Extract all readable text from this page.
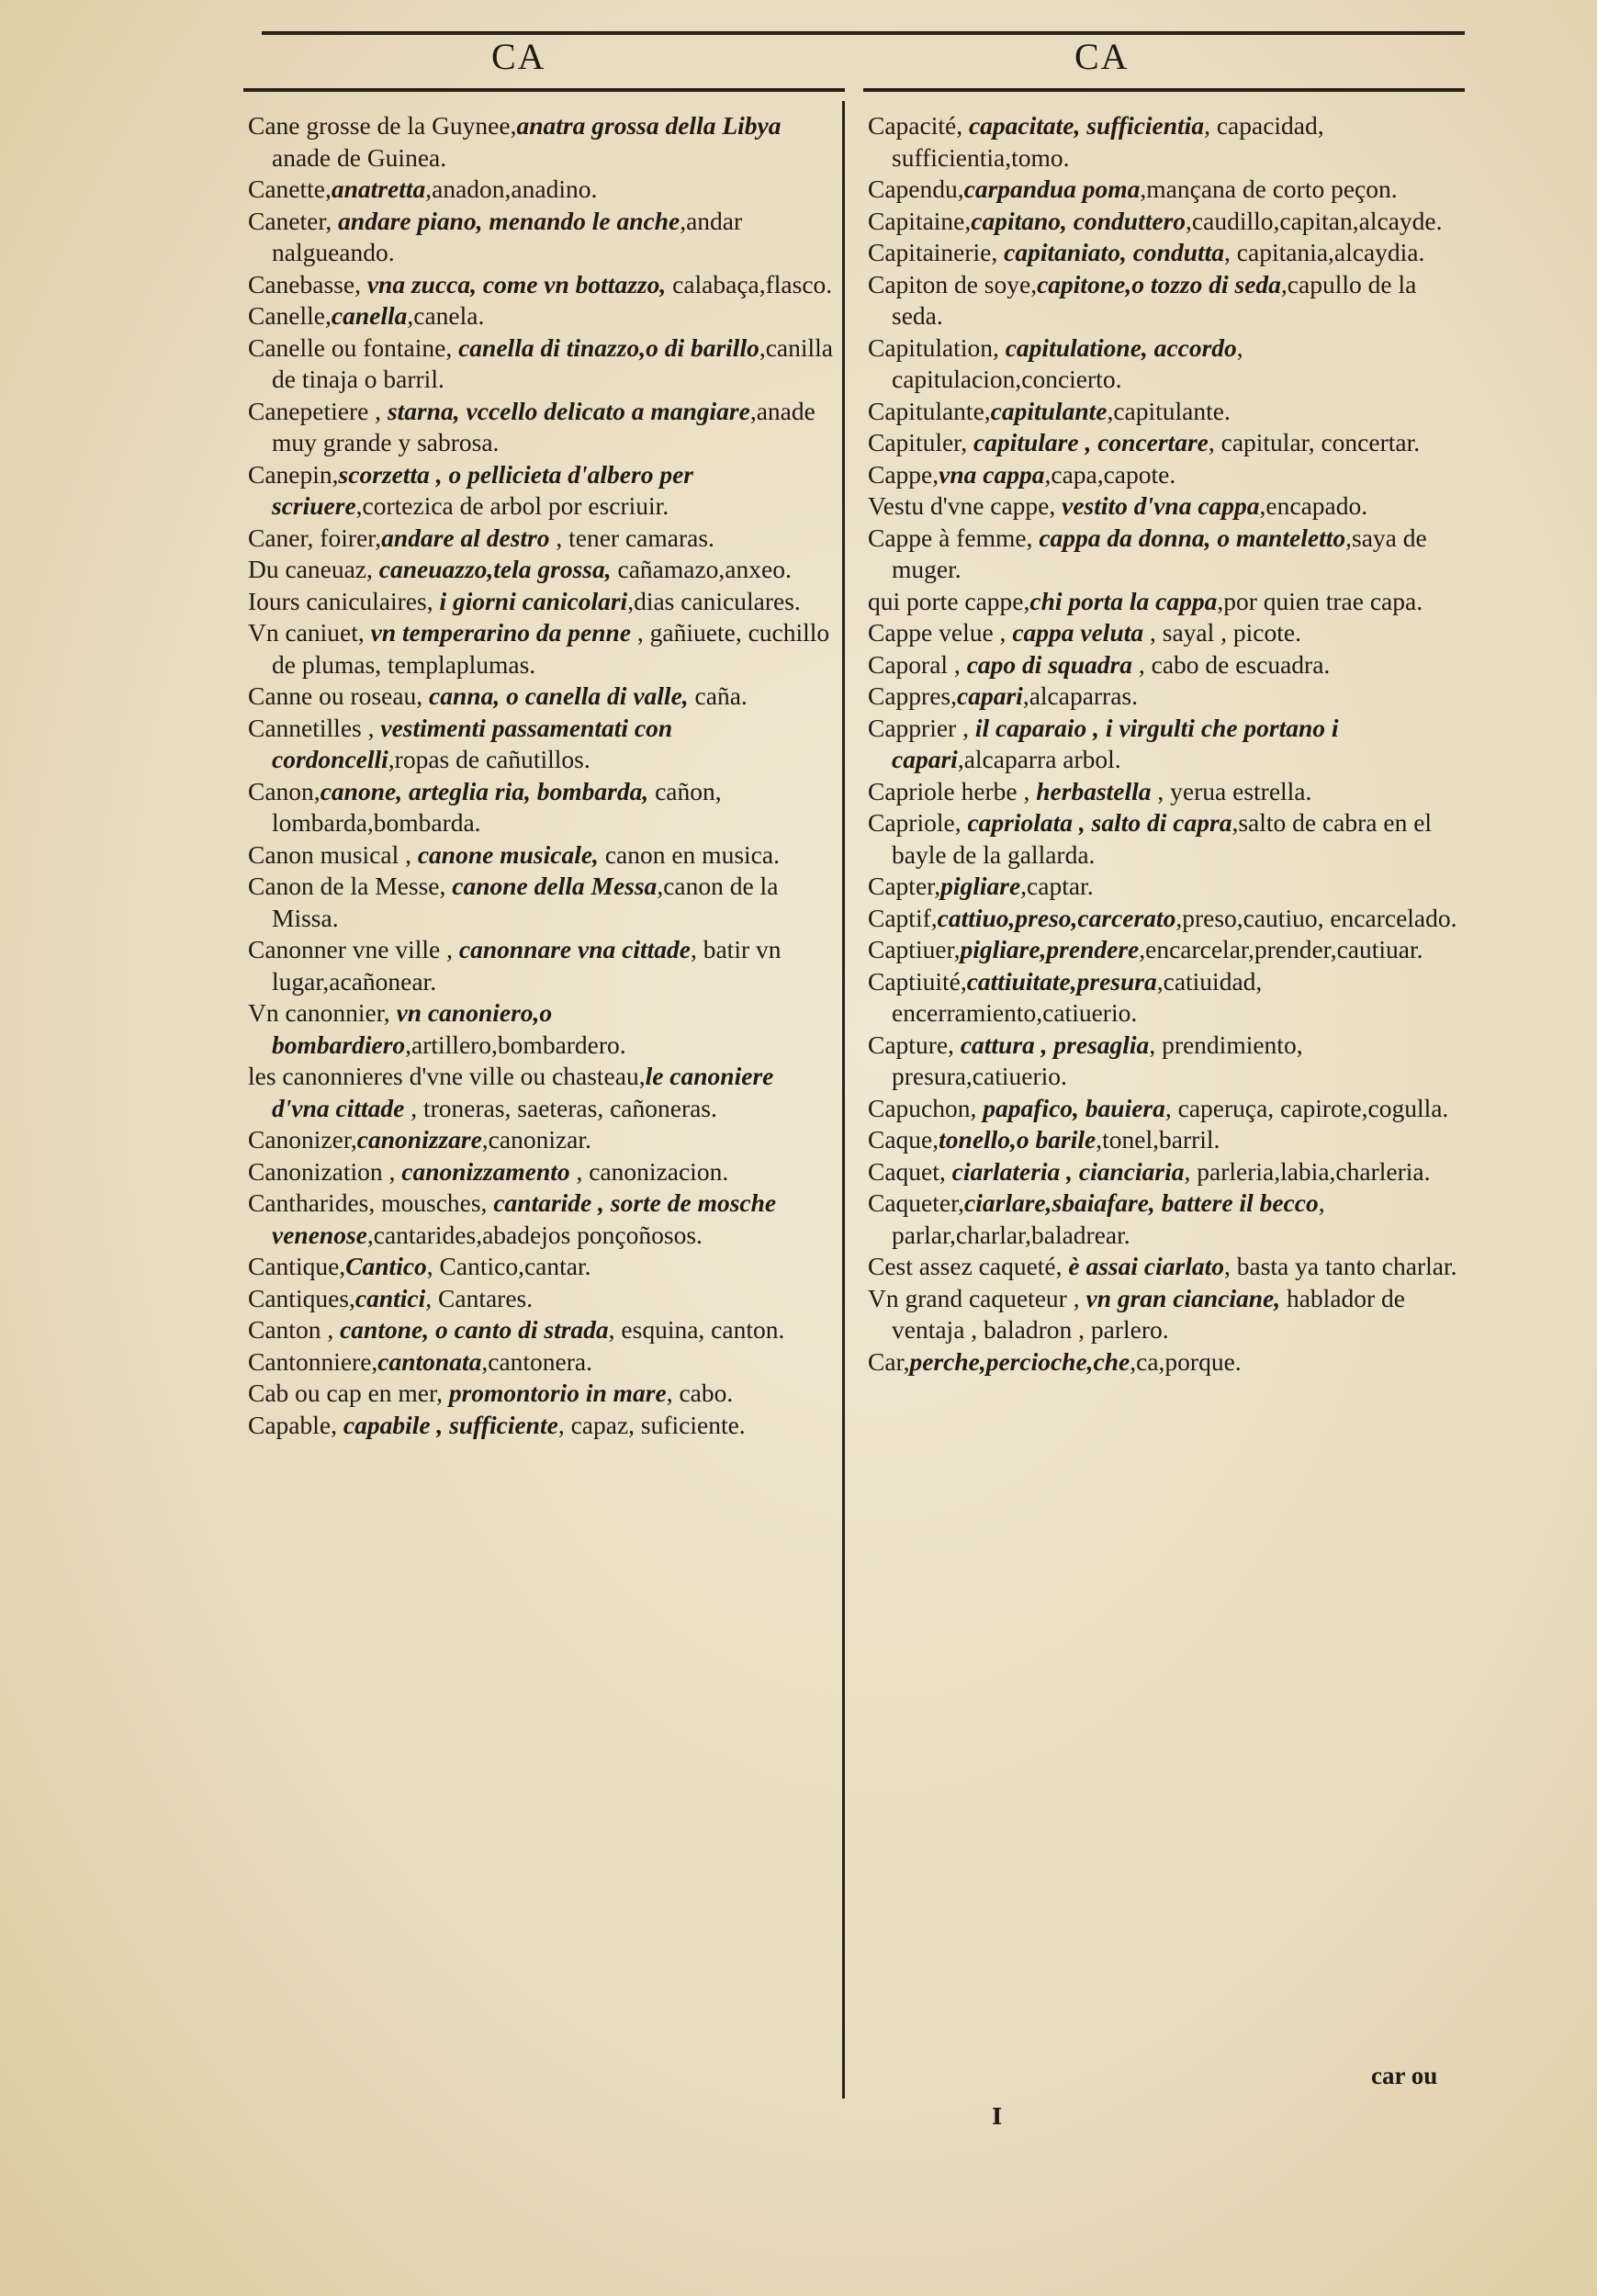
CA	CA

Cane grosse de la Guynee,anatra grossa della Libya anade de Guinea.

Canette,anatretta,anadon,anadino.

Caneter, andare piano, menando le anche,andar nalgueando.

Canebasse, vna zucca, come vn bottazzo, calabaça,flasco.

Canelle,canella,canela.

Canelle ou fontaine, canella di tinazzo,o di barillo,canilla de tinaja o barril.

Canepetiere , starna, vccello delicato a mangiare,anade muy grande y sabrosa.

Canepin,scorzetta , o pellicieta d'albero per scriuere,cortezica de arbol por escriuir.

Caner, foirer,andare al destro , tener camaras.

Du caneuaz, caneuazzo,tela grossa, cañamazo,anxeo.

Iours caniculaires, i giorni canicolari,dias caniculares.

Vn caniuet, vn temperarino da penne , gañiuete, cuchillo de plumas, templaplumas.

Canne ou roseau, canna, o canella di valle, caña.

Cannetilles , vestimenti passamentati con cordoncelli,ropas de cañutillos.

Canon,canone, arteglia ria, bombarda, cañon, lombarda,bombarda.

Canon musical , canone musicale, canon en musica.

Canon de la Messe, canone della Messa,canon de la Missa.

Canonner vne ville , canonnare vna cittade, batir vn lugar,acañonear.

Vn canonnier, vn canoniero,o bombardiero,artillero,bombardero.

les canonnieres d'vne ville ou chasteau,le canoniere d'vna cittade , troneras, saeteras, cañoneras.

Canonizer,canonizzare,canonizar.

Canonization , canonizzamento , canonizacion.

Cantharides, mousches, cantaride , sorte de mosche venenose,cantarides,abadejos ponçoñosos.

Cantique,Cantico, Cantico,cantar.

Cantiques,cantici, Cantares.

Canton , cantone, o canto di strada, esquina, canton.

Cantonniere,cantonata,cantonera.

Cab ou cap en mer, promontorio in mare, cabo.

Capable, capabile , sufficiente, capaz, suficiente.

Capacité, capacitate, sufficientia, capacidad, sufficientia,tomo.

Capendu,carpandua poma,mançana de corto peçon.

Capitaine,capitano, conduttero,caudillo,capitan,alcayde.

Capitainerie, capitaniato, condutta, capitania,alcaydia.

Capiton de soye,capitone,o tozzo di seda,capullo de la seda.

Capitulation, capitulatione, accordo, capitulacion,concierto.

Capitulante,capitulante,capitulante.

Capituler, capitulare , concertare, capitular, concertar.

Cappe,vna cappa,capa,capote.

Vestu d'vne cappe, vestito d'vna cappa,encapado.

Cappe à femme, cappa da donna, o manteletto,saya de muger.

qui porte cappe,chi porta la cappa,por quien trae capa.

Cappe velue , cappa veluta , sayal , picote.

Caporal , capo di squadra , cabo de escuadra.

Cappres,capari,alcaparras.

Capprier , il caparaio , i virgulti che portano i capari,alcaparra arbol.

Capriole herbe , herbastella , yerua estrella.

Capriole, capriolata , salto di capra,salto de cabra en el bayle de la gallarda.

Capter,pigliare,captar.

Captif,cattiuo,preso,carcerato,preso,cautiuo, encarcelado.

Captiuer,pigliare,prendere,encarcelar,prender,cautiuar.

Captiuité,cattiuitate,presura,catiuidad, encerramiento,catiuerio.

Capture, cattura , presaglia, prendimiento, presura,catiuerio.

Capuchon, papafico, bauiera, caperuça, capirote,cogulla.

Caque,tonello,o barile,tonel,barril.

Caquet, ciarlateria , cianciaria, parleria,labia,charleria.

Caqueter,ciarlare,sbaiafare, battere il becco, parlar,charlar,baladrear.

Cest assez caqueté, è assai ciarlato, basta ya tanto charlar.

Vn grand caqueteur , vn gran cianciane, hablador de ventaja , baladron , parlero.

Car,perche,percioche,che,ca,porque.

car ou
I
